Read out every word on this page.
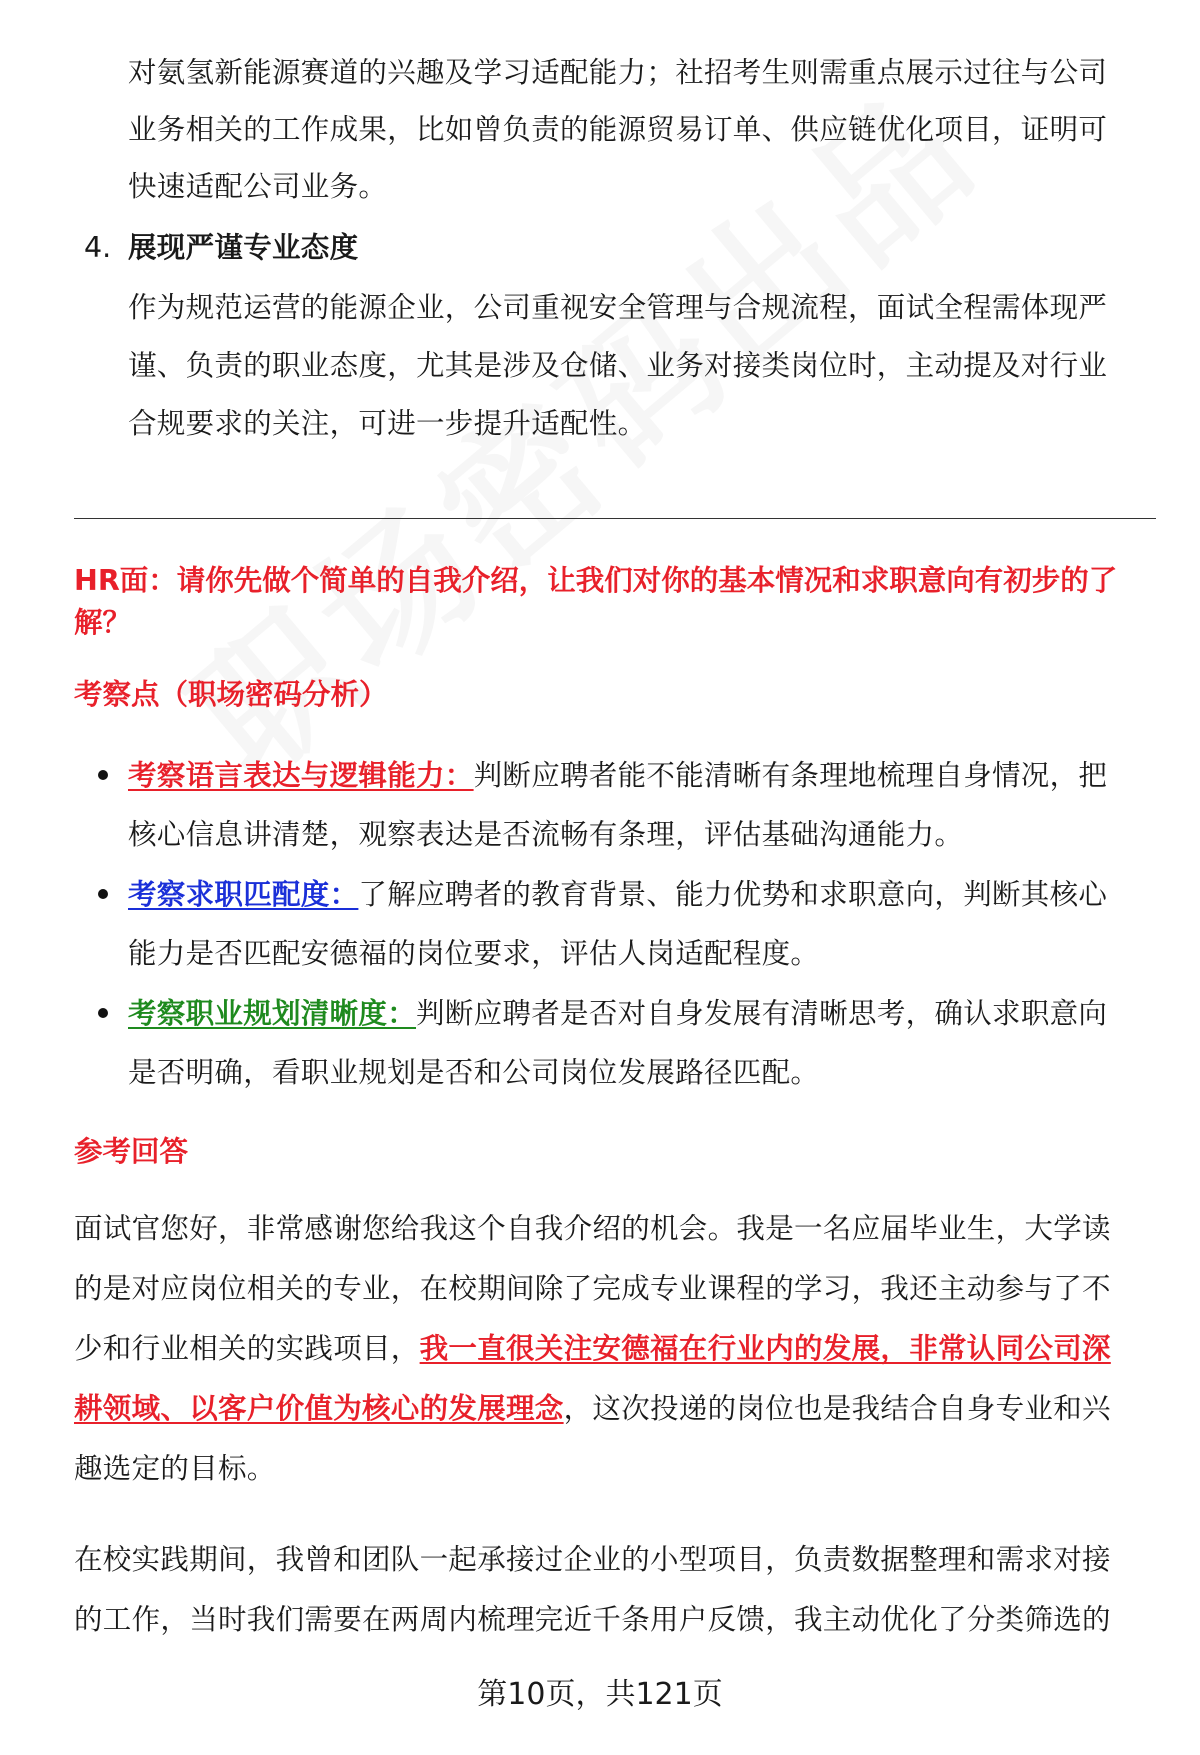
对氨氢新能源赛道的兴趣及学习适配能力；社招考生则需重点展示过往与公司
业务相关的工作成果，比如曾负责的能源贸易订单、供应链优化项目，证明可
快速适配公司业务。
4. 展现严谨专业态度
作为规范运营的能源企业，公司重视安全管理与合规流程，面试全程需体现严
谨、负责的职业态度，尤其是涉及仓储、业务对接类岗位时，主动提及对行业
合规要求的关注，可进一步提升适配性。
HR面：请你先做个简单的自我介绍，让我们对你的基本情况和求职意向有初步的了解？
考察点（职场密码分析）
考察语言表达与逻辑能力：判断应聘者能不能清晰有条理地梳理自身情况，把
核心信息讲清楚，观察表达是否流畅有条理，评估基础沟通能力。
考察求职匹配度：了解应聘者的教育背景、能力优势和求职意向，判断其核心
能力是否匹配安德福的岗位要求，评估人岗适配程度。
考察职业规划清晰度：判断应聘者是否对自身发展有清晰思考，确认求职意向
是否明确，看职业规划是否和公司岗位发展路径匹配。
参考回答
面试官您好，非常感谢您给我这个自我介绍的机会。我是一名应届毕业生，大学读
的是对应岗位相关的专业，在校期间除了完成专业课程的学习，我还主动参与了不
少和行业相关的实践项目，我一直很关注安德福在行业内的发展，非常认同公司深
耕领域、以客户价值为核心的发展理念，这次投递的岗位也是我结合自身专业和兴
趣选定的目标。
在校实践期间，我曾和团队一起承接过企业的小型项目，负责数据整理和需求对接
的工作，当时我们需要在两周内梳理完近千条用户反馈，我主动优化了分类筛选的
第10页，共121页
